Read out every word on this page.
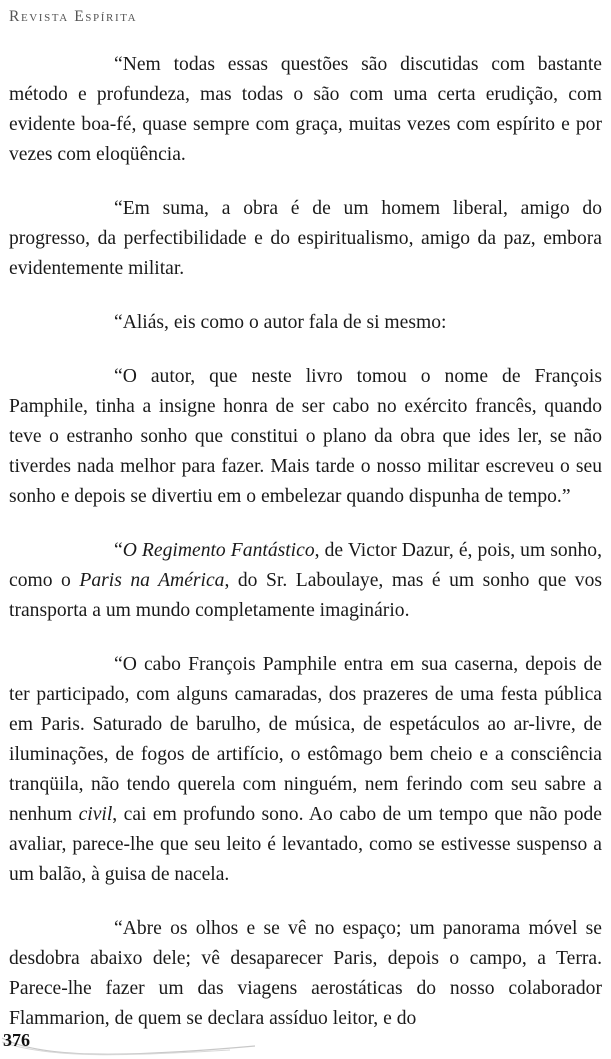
Revista Espírita

“Nem todas essas questões são discutidas com bastante método e profundeza, mas todas o são com uma certa erudição, com evidente boa-fé, quase sempre com graça, muitas vezes com espírito e por vezes com eloqüência.

“Em suma, a obra é de um homem liberal, amigo do progresso, da perfectibilidade e do espiritualismo, amigo da paz, embora evidentemente militar.

“Aliás, eis como o autor fala de si mesmo:

“O autor, que neste livro tomou o nome de François Pamphile, tinha a insigne honra de ser cabo no exército francês, quando teve o estranho sonho que constitui o plano da obra que ides ler, se não tiverdes nada melhor para fazer. Mais tarde o nosso militar escreveu o seu sonho e depois se divertiu em o embelezar quando dispunha de tempo.”

“O Regimento Fantástico, de Victor Dazur, é, pois, um sonho, como o Paris na América, do Sr. Laboulaye, mas é um sonho que vos transporta a um mundo completamente imaginário.

“O cabo François Pamphile entra em sua caserna, depois de ter participado, com alguns camaradas, dos prazeres de uma festa pública em Paris. Saturado de barulho, de música, de espetáculos ao ar-livre, de iluminações, de fogos de artifício, o estômago bem cheio e a consciência tranqüila, não tendo querela com ninguém, nem ferindo com seu sabre a nenhum civil, cai em profundo sono. Ao cabo de um tempo que não pode avaliar, parece-lhe que seu leito é levantado, como se estivesse suspenso a um balão, à guisa de nacela.

“Abre os olhos e se vê no espaço; um panorama móvel se desdobra abaixo dele; vê desaparecer Paris, depois o campo, a Terra. Parece-lhe fazer um das viagens aerostáticas do nosso colaborador Flammarion, de quem se declara assíduo leitor, e do

376
